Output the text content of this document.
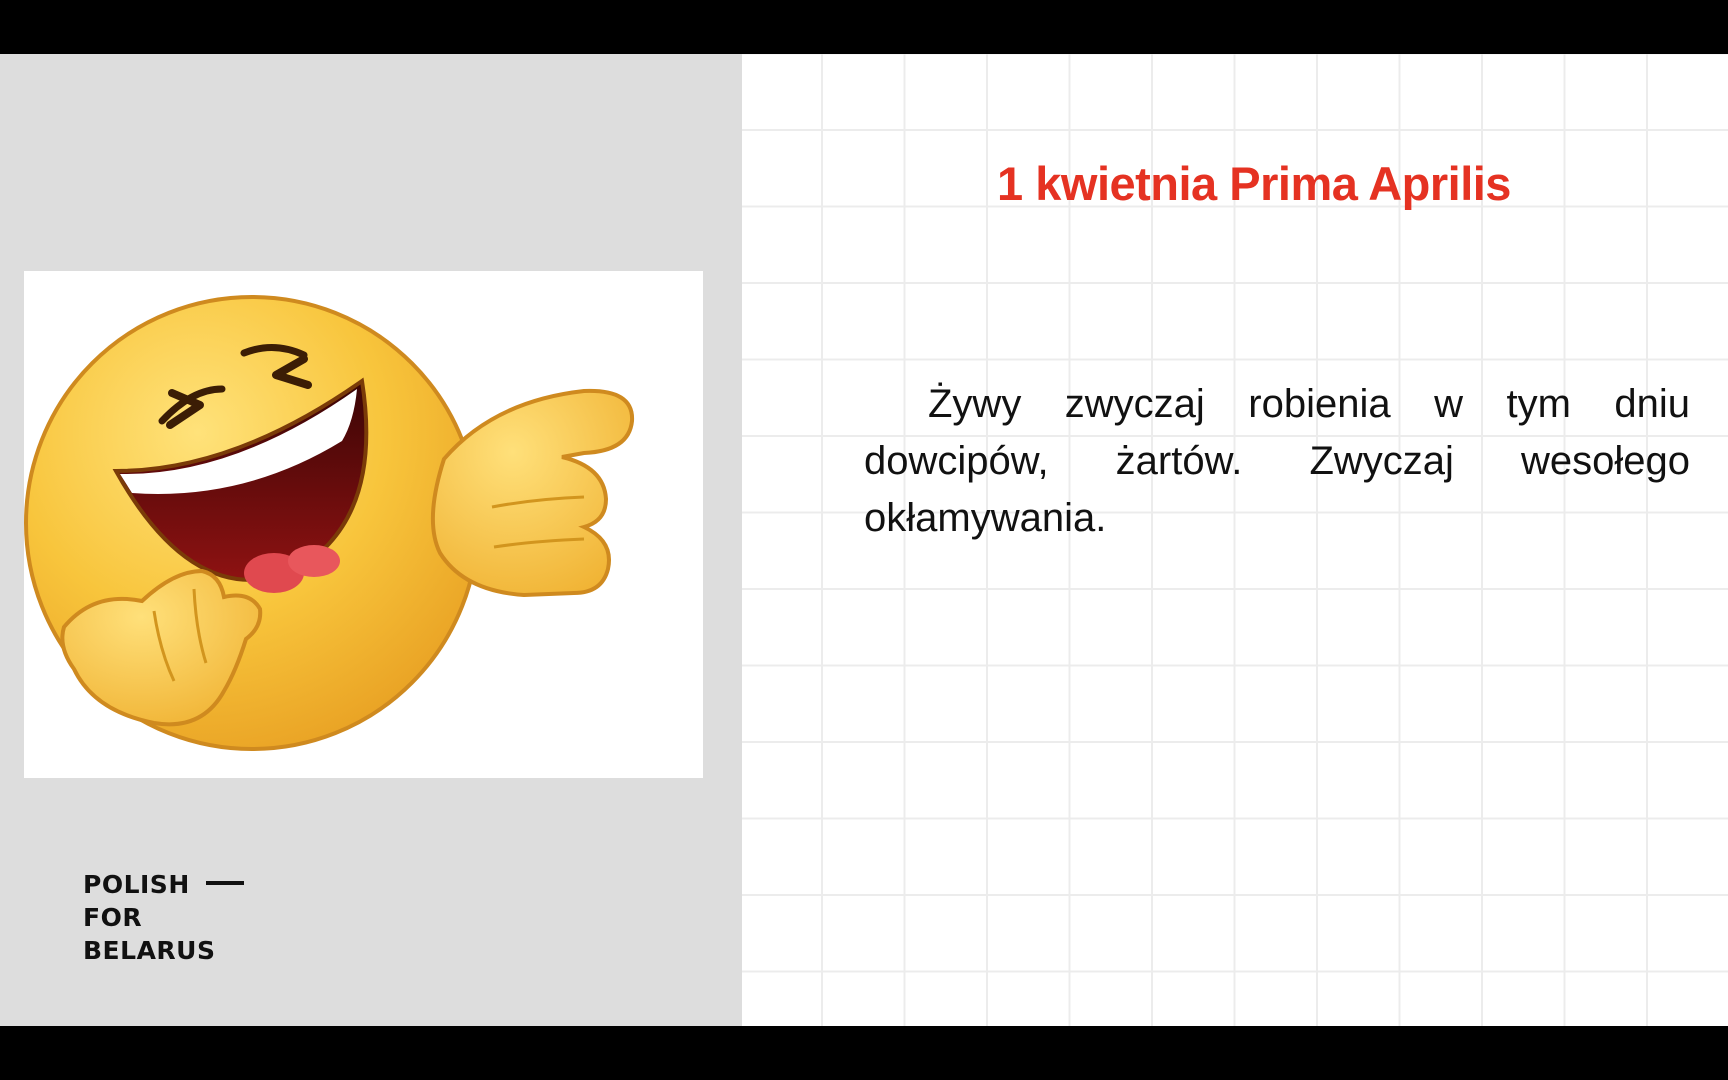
POLISH
FOR
BELARUS
1 kwietnia Prima Aprilis
Żywy zwyczaj robienia w tym dniu dowcipów, żartów. Zwyczaj wesołego okłamywania.
